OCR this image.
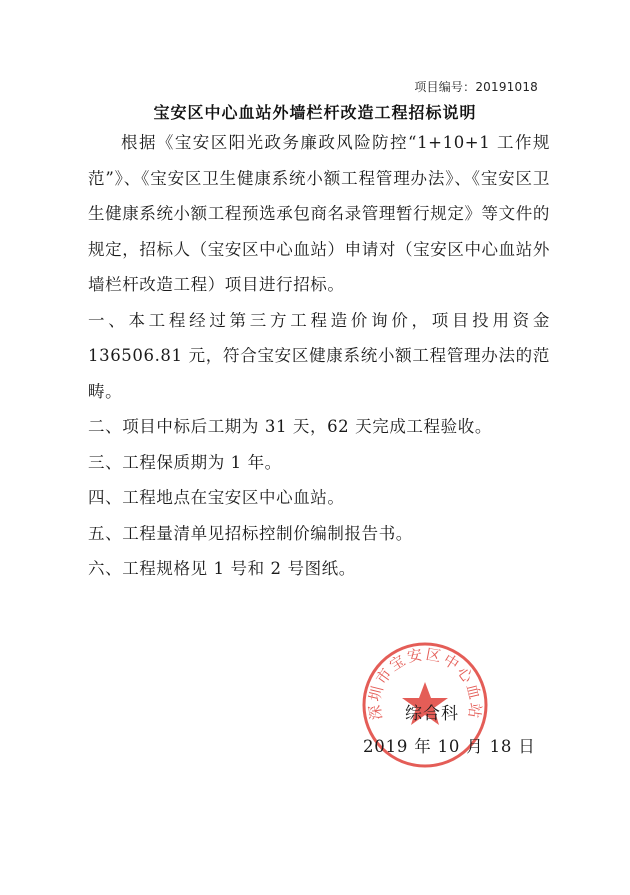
项目编号：20191018
宝安区中心血站外墙栏杆改造工程招标说明

根据《宝安区阳光政务廉政风险防控“1+10+1 工作规范”》、《宝安区卫生健康系统小额工程管理办法》、《宝安区卫生健康系统小额工程预选承包商名录管理暂行规定》等文件的规定，招标人（宝安区中心血站）申请对（宝安区中心血站外墙栏杆改造工程）项目进行招标。

一、本工程经过第三方工程造价询价，项目投用资金136506.81 元，符合宝安区健康系统小额工程管理办法的范畴。

二、项目中标后工期为 31 天，62 天完成工程验收。

三、工程保质期为 1 年。

四、工程地点在宝安区中心血站。

五、工程量清单见招标控制价编制报告书。

六、工程规格见 1 号和 2 号图纸。

深圳市宝安区中心血站
综合科
2019 年 10 月 18 日
